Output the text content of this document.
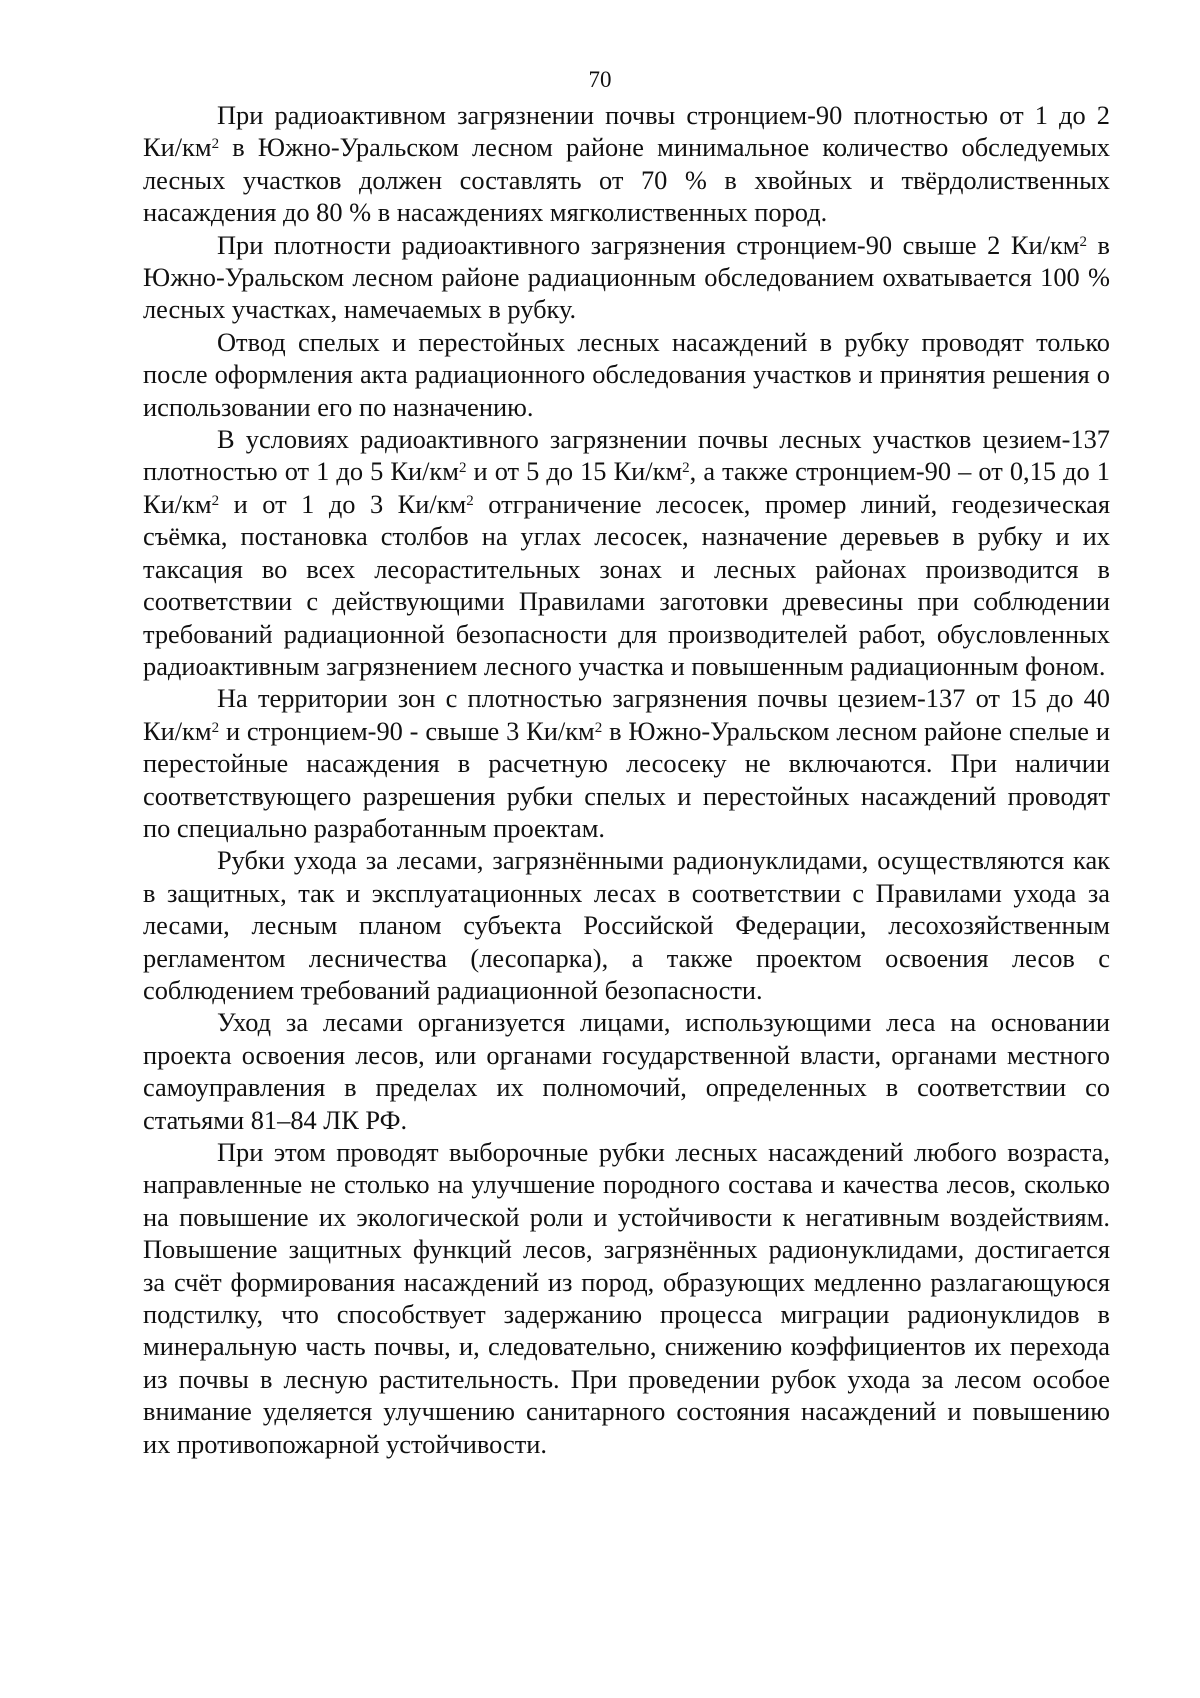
70

При радиоактивном загрязнении почвы стронцием-90 плотностью от 1 до 2 $Ки/км^2$ в Южно-Уральском лесном районе минимальное количество обследуемых лесных участков должен составлять от 70 % в хвойных и твёрдолиственных насаждения до 80 % в насаждениях мягколиственных пород.

При плотности радиоактивного загрязнения стронцием-90 свыше 2 $Ки/км^2$ в Южно-Уральском лесном районе радиационным обследованием охватывается 100 % лесных участках, намечаемых в рубку.

Отвод спелых и перестойных лесных насаждений в рубку проводят только после оформления акта радиационного обследования участков и принятия решения о использовании его по назначению.

В условиях радиоактивного загрязнении почвы лесных участков цезием-137 плотностью от 1 до 5 $Ки/км^2$ и от 5 до 15 $Ки/км^2$, а также стронцием-90 – от 0,15 до 1 $Ки/км^2$ и от 1 до 3 $Ки/км^2$ отграничение лесосек, промер линий, геодезическая съёмка, постановка столбов на углах лесосек, назначение деревьев в рубку и их таксация во всех лесорастительных зонах и лесных районах производится в соответствии с действующими Правилами заготовки древесины при соблюдении требований радиационной безопасности для производителей работ, обусловленных радиоактивным загрязнением лесного участка и повышенным радиационным фоном.

На территории зон с плотностью загрязнения почвы цезием-137 от 15 до 40 $Ки/км^2$ и стронцием-90 - свыше 3 $Ки/км^2$ в Южно-Уральском лесном районе спелые и перестойные насаждения в расчетную лесосеку не включаются. При наличии соответствующего разрешения рубки спелых и перестойных насаждений проводят по специально разработанным проектам.

Рубки ухода за лесами, загрязнёнными радионуклидами, осуществляются как в защитных, так и эксплуатационных лесах в соответствии с Правилами ухода за лесами, лесным планом субъекта Российской Федерации, лесохозяйственным регламентом лесничества (лесопарка), а также проектом освоения лесов с соблюдением требований радиационной безопасности.

Уход за лесами организуется лицами, использующими леса на основании проекта освоения лесов, или органами государственной власти, органами местного самоуправления в пределах их полномочий, определенных в соответствии со статьями 81–84 ЛК РФ.

При этом проводят выборочные рубки лесных насаждений любого возраста, направленные не столько на улучшение породного состава и качества лесов, сколько на повышение их экологической роли и устойчивости к негативным воздействиям. Повышение защитных функций лесов, загрязнённых радионуклидами, достигается за счёт формирования насаждений из пород, образующих медленно разлагающуюся подстилку, что способствует задержанию процесса миграции радионуклидов в минеральную часть почвы, и, следовательно, снижению коэффициентов их перехода из почвы в лесную растительность. При проведении рубок ухода за лесом особое внимание уделяется улучшению санитарного состояния насаждений и повышению их противопожарной устойчивости.
